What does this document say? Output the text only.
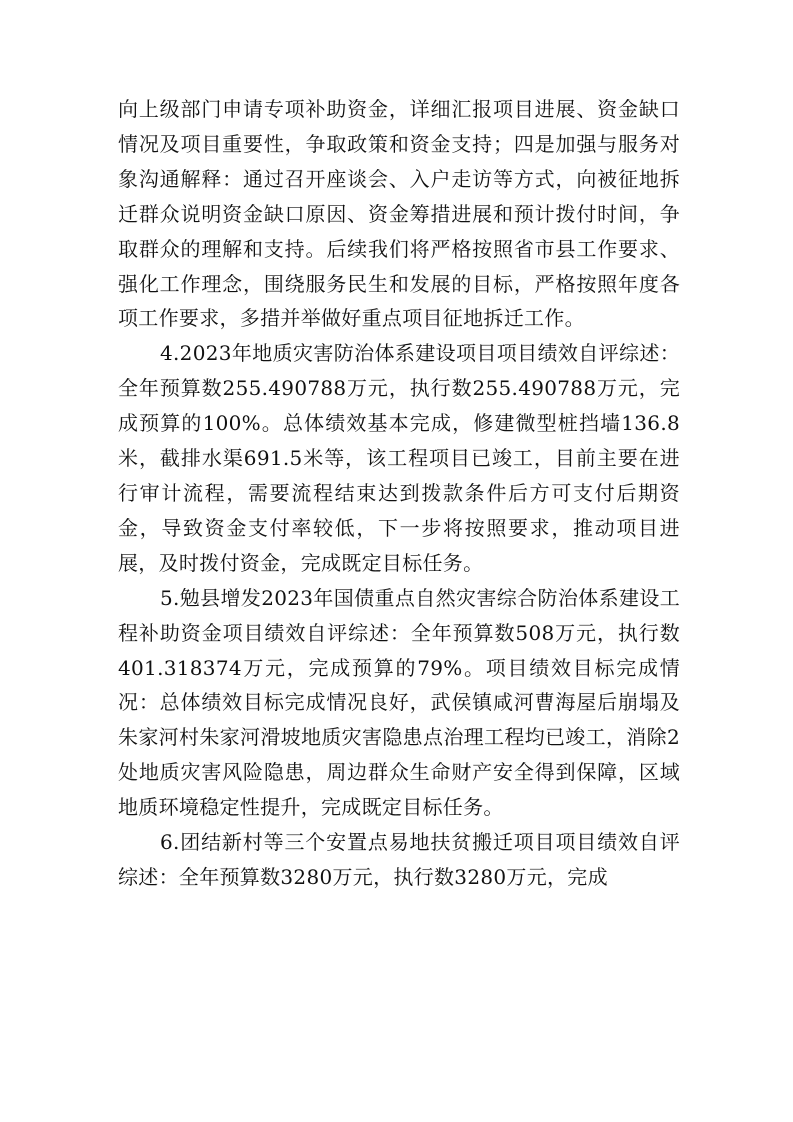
向上级部门申请专项补助资金，详细汇报项目进展、资金缺口情况及项目重要性，争取政策和资金支持；四是加强与服务对象沟通解释：通过召开座谈会、入户走访等方式，向被征地拆迁群众说明资金缺口原因、资金筹措进展和预计拨付时间，争取群众的理解和支持。后续我们将严格按照省市县工作要求、强化工作理念，围绕服务民生和发展的目标，严格按照年度各项工作要求，多措并举做好重点项目征地拆迁工作。

4.2023年地质灾害防治体系建设项目项目绩效自评综述：全年预算数255.490788万元，执行数255.490788万元，完成预算的100%。总体绩效基本完成，修建微型桩挡墙136.8米，截排水渠691.5米等，该工程项目已竣工，目前主要在进行审计流程，需要流程结束达到拨款条件后方可支付后期资金，导致资金支付率较低，下一步将按照要求，推动项目进展，及时拨付资金，完成既定目标任务。

5.勉县增发2023年国债重点自然灾害综合防治体系建设工程补助资金项目绩效自评综述：全年预算数508万元，执行数401.318374万元，完成预算的79%。项目绩效目标完成情况：总体绩效目标完成情况良好，武侯镇咸河曹海屋后崩塌及朱家河村朱家河滑坡地质灾害隐患点治理工程均已竣工，消除2处地质灾害风险隐患，周边群众生命财产安全得到保障，区域地质环境稳定性提升，完成既定目标任务。

6.团结新村等三个安置点易地扶贫搬迁项目项目绩效自评综述：全年预算数3280万元，执行数3280万元，完成
